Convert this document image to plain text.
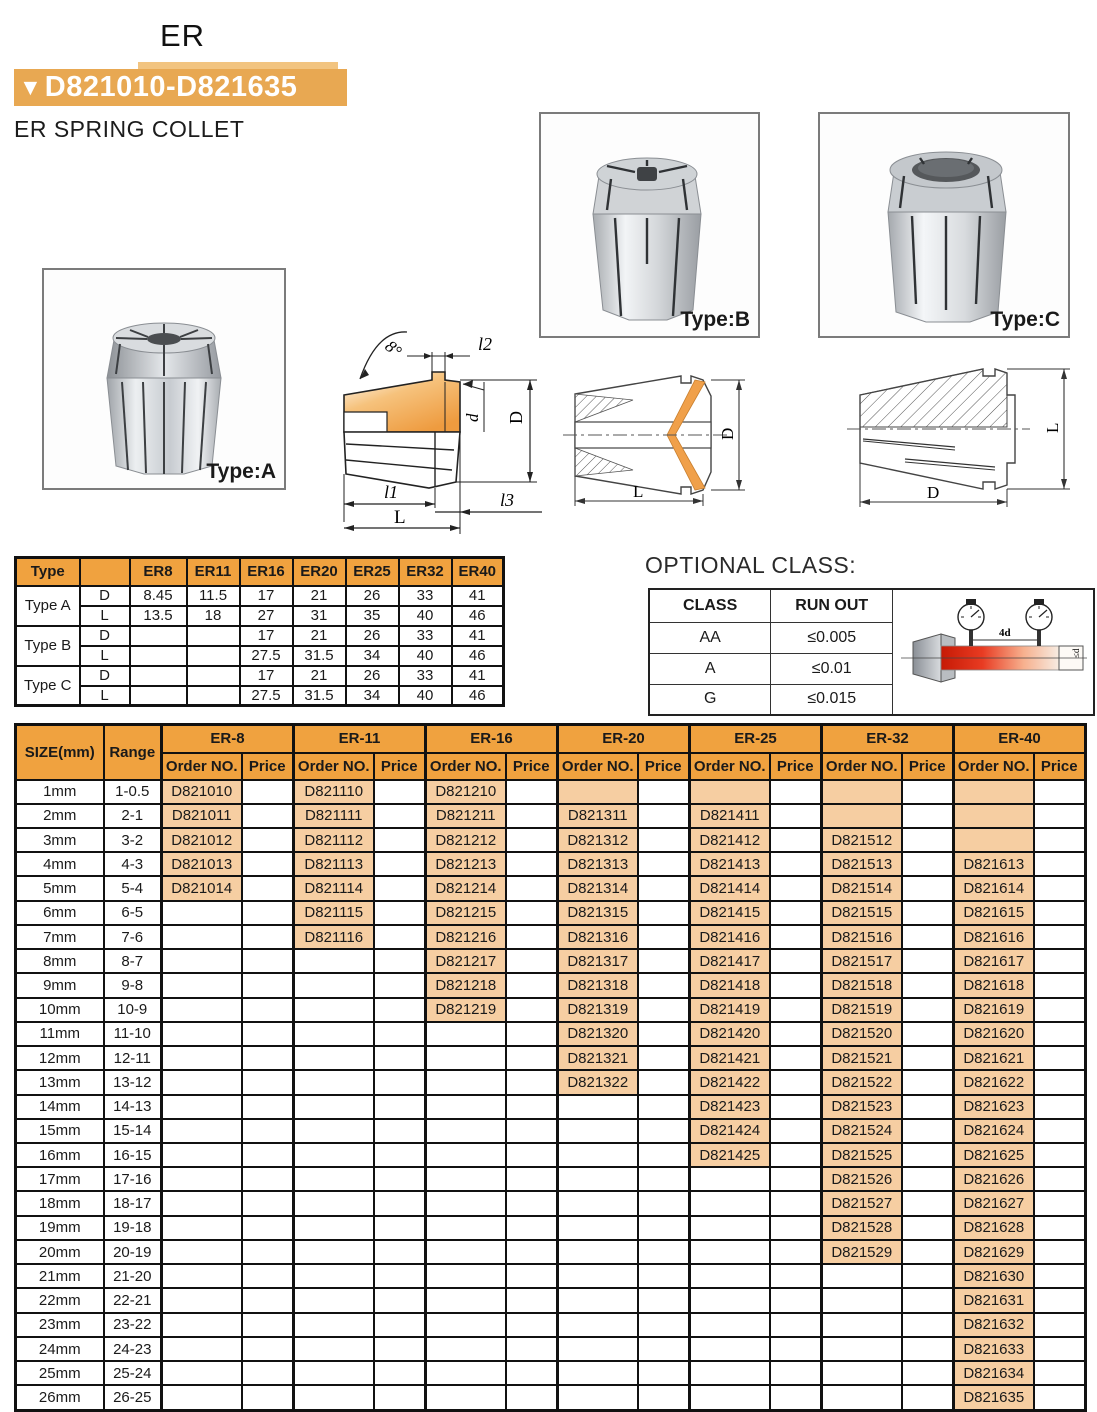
ER
▼ D821010-D821635
ER SPRING COLLET
Type:A
Type:B	Type:C
8°	l2
d D
l1
L
l3
D
L
L
D
Type		ER8	ER11	ER16	ER20	ER25	ER32	ER40
Type A	D	8.45	11.5	17	21	26	33	41
	L	13.5	18	27	31	35	40	46
Type B	D			17	21	26	33	41
	L			27.5	31.5	34	40	46
Type C	D			17	21	26	33	41
	L			27.5	31.5	34	40	46
OPTIONAL CLASS:
CLASS	RUN OUT	4d
≤d

AA	≤0.005	
A	≤0.01	
G	≤0.015	
SIZE(mm)	Range	ER-8		ER-11		ER-16		ER-20		ER-25		ER-32		ER-40	
		Order NO.	Price	Order NO.	Price	Order NO.	Price	Order NO.	Price	Order NO.	Price	Order NO.	Price	Order NO.	Price
1mm	1-0.5	D821010		D821110		D821210									
2mm	2-1	D821011		D821111		D821211		D821311		D821411					
3mm	3-2	D821012		D821112		D821212		D821312		D821412		D821512			
4mm	4-3	D821013		D821113		D821213		D821313		D821413		D821513		D821613	
5mm	5-4	D821014		D821114		D821214		D821314		D821414		D821514		D821614	
6mm	6-5			D821115		D821215		D821315		D821415		D821515		D821615	
7mm	7-6			D821116		D821216		D821316		D821416		D821516		D821616	
8mm	8-7					D821217		D821317		D821417		D821517		D821617	
9mm	9-8					D821218		D821318		D821418		D821518		D821618	
10mm	10-9					D821219		D821319		D821419		D821519		D821619	
11mm	11-10							D821320		D821420		D821520		D821620	
12mm	12-11							D821321		D821421		D821521		D821621	
13mm	13-12							D821322		D821422		D821522		D821622	
14mm	14-13									D821423		D821523		D821623	
15mm	15-14									D821424		D821524		D821624	
16mm	16-15									D821425		D821525		D821625	
17mm	17-16											D821526		D821626	
18mm	18-17											D821527		D821627	
19mm	19-18											D821528		D821628	
20mm	20-19											D821529		D821629	
21mm	21-20													D821630	
22mm	22-21													D821631	
23mm	23-22													D821632	
24mm	24-23													D821633	
25mm	25-24													D821634	
26mm	26-25													D821635	
